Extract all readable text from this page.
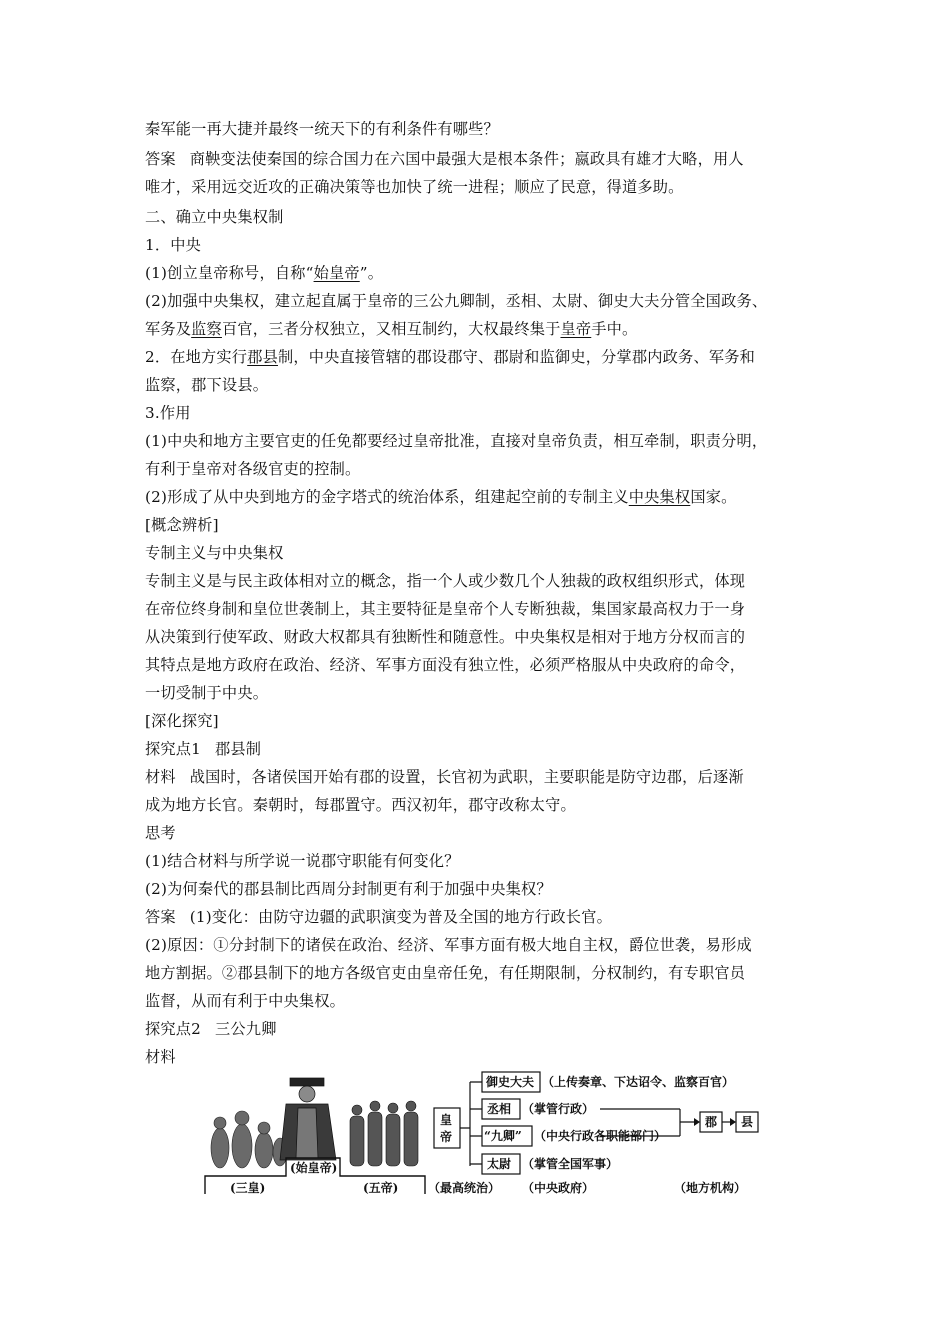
秦军能一再大捷并最终一统天下的有利条件有哪些？
答案 商鞅变法使秦国的综合国力在六国中最强大是根本条件；嬴政具有雄才大略，用人
唯才，采用远交近攻的正确决策等也加快了统一进程；顺应了民意，得道多助。
二、确立中央集权制
1．中央
(1)创立皇帝称号，自称“始皇帝”。
(2)加强中央集权，建立起直属于皇帝的三公九卿制，丞相、太尉、御史大夫分管全国政务、
军务及监察百官，三者分权独立，又相互制约，大权最终集于皇帝手中。
2．在地方实行郡县制，中央直接管辖的郡设郡守、郡尉和监御史，分掌郡内政务、军务和
监察，郡下设县。
3.作用
(1)中央和地方主要官吏的任免都要经过皇帝批准，直接对皇帝负责，相互牵制，职责分明，
有利于皇帝对各级官吏的控制。
(2)形成了从中央到地方的金字塔式的统治体系，组建起空前的专制主义中央集权国家。
[概念辨析]
专制主义与中央集权
专制主义是与民主政体相对立的概念，指一个人或少数几个人独裁的政权组织形式，体现
在帝位终身制和皇位世袭制上，其主要特征是皇帝个人专断独裁，集国家最高权力于一身
从决策到行使军政、财政大权都具有独断性和随意性。中央集权是相对于地方分权而言的
其特点是地方政府在政治、经济、军事方面没有独立性，必须严格服从中央政府的命令，
一切受制于中央。
[深化探究]
探究点1 郡县制
材料 战国时，各诸侯国开始有郡的设置，长官初为武职，主要职能是防守边郡，后逐渐
成为地方长官。秦朝时，每郡置守。西汉初年，郡守改称太守。
思考
(1)结合材料与所学说一说郡守职能有何变化？
(2)为何秦代的郡县制比西周分封制更有利于加强中央集权？
答案 (1)变化：由防守边疆的武职演变为普及全国的地方行政长官。
(2)原因：①分封制下的诸侯在政治、经济、军事方面有极大地自主权，爵位世袭，易形成
地方割据。②郡县制下的地方各级官吏由皇帝任免，有任期限制，分权制约，有专职官员
监督，从而有利于中央集权。
探究点2 三公九卿
材料
(三皇)
(始皇帝)
(五帝)
皇 帝
御史大夫 （上传奏章、下达诏令、监察百官）
丞相 （掌管行政）
“九卿” （中央行政各职能部门）
太尉 （掌管全国军事）
郡 县
（最高统治） （中央政府）	（地方机构）
